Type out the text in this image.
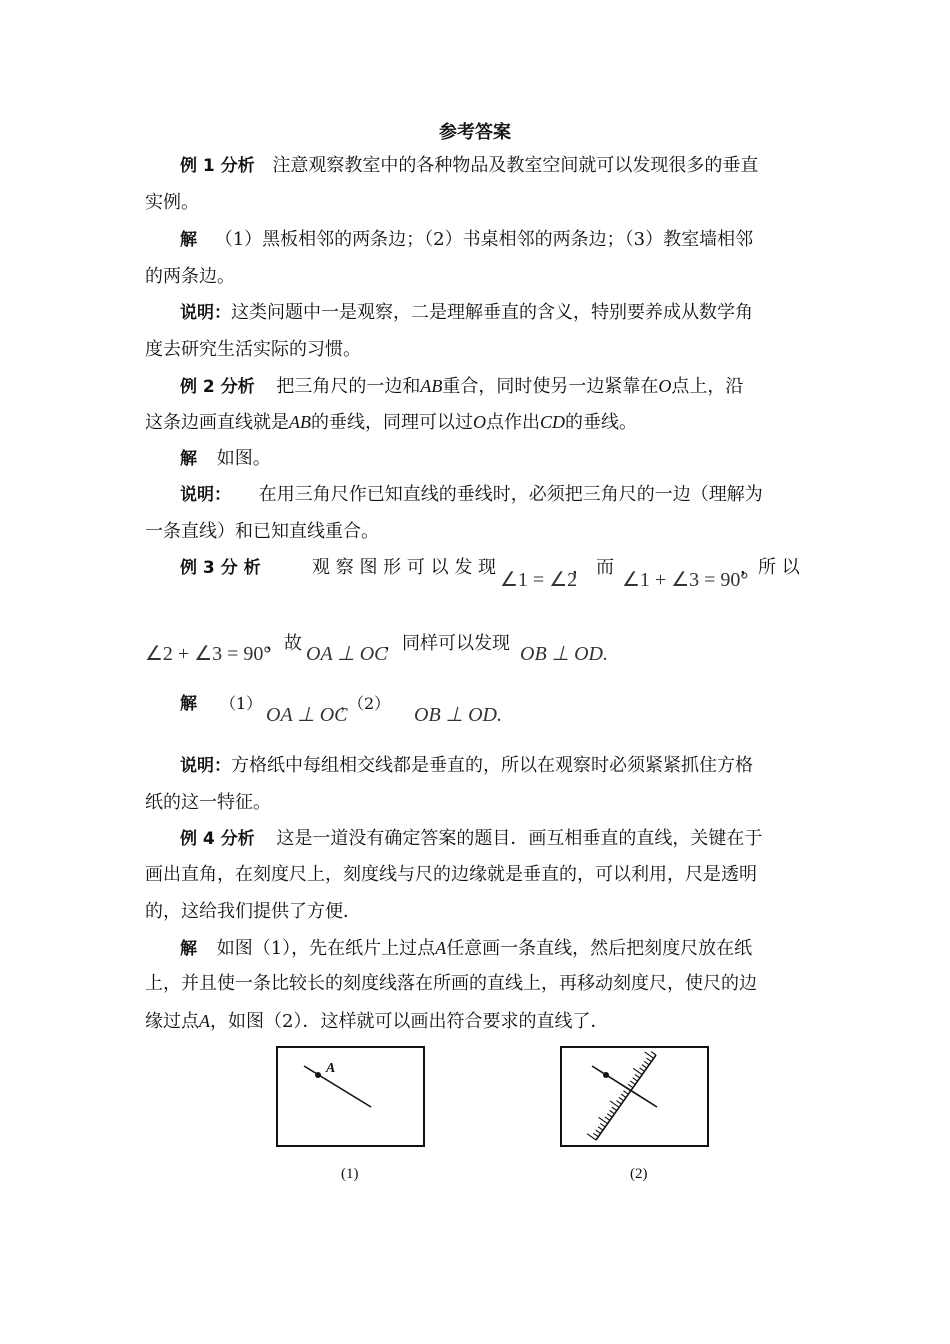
参考答案
例 1 分析 注意观察教室中的各种物品及教室空间就可以发现很多的垂直
实例。
解 （1）黑板相邻的两条边；（2）书桌相邻的两条边；（3）教室墙相邻
的两条边。
说明：这类问题中一是观察，二是理解垂直的含义，特别要养成从数学角
度去研究生活实际的习惯。
例 2 分析 把三角尺的一边和AB重合，同时使另一边紧靠在O点上，沿
这条边画直线就是AB的垂线，同理可以过O点作出CD的垂线。
解 如图。
说明： 在用三角尺作已知直线的垂线时，必须把三角尺的一边（理解为
一条直线）和已知直线重合。
例 3 分 析	观 察 图 形 可 以 发 现
∠1 = ∠2
， 而
∠1 + ∠3 = 90°
，所 以
∠2 + ∠3 = 90°
，故 OA ⊥ OC
，同样可以发现 OB ⊥ OD.
解 （1）
OA ⊥ OC
，（2）
OB ⊥ OD.
说明：方格纸中每组相交线都是垂直的，所以在观察时必须紧紧抓住方格
纸的这一特征。
例 4 分析 这是一道没有确定答案的题目．画互相垂直的直线，关键在于
画出直角，在刻度尺上，刻度线与尺的边缘就是垂直的，可以利用，尺是透明
的，这给我们提供了方便．
解 如图（1），先在纸片上过点A任意画一条直线，然后把刻度尺放在纸
上，并且使一条比较长的刻度线落在所画的直线上，再移动刻度尺，使尺的边
缘过点A，如图（2）．这样就可以画出符合要求的直线了．
A
(1)	(2)
